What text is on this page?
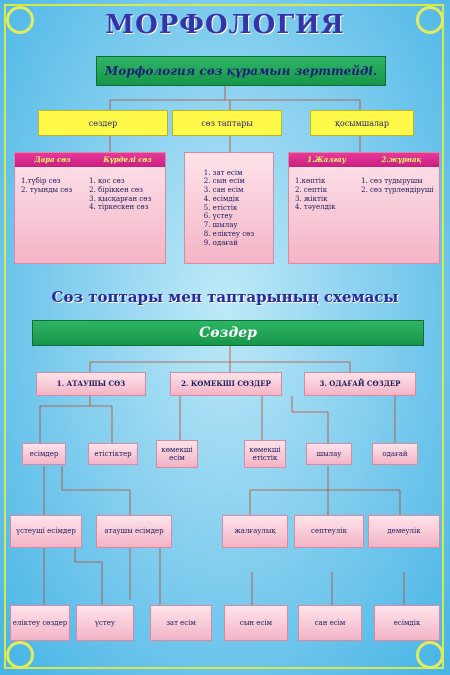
МОРФОЛОГИЯ
Морфология сөз құрамын зерттейді.
сөздер	сөз таптары	қосымшалар
Дара сөз	Күрделі сөз
1.түбір сөз
2. туынды сөз
1. қос сөз
2. біріккен сөз
3. қысқарған сөз
4. тіркескен сөз
1. зат есім
2. сын есім
3. сан есім
4. есімдік
5. етістік
6. үстеу
7. шылау
8. еліктеу сөз
9. одағай
1.Жалғау	2.жұрнақ
1.көптік
2. септік
3. жіктік
4. тәуелдік
1. сөз тудырушы
2. сөз түрлендіруші
Сөз топтары мен таптарының схемасы
Сөздер
1. АТАУШЫ СӨЗ	2. КӨМЕКШІ СӨЗДЕР	3. ОДАҒАЙ СӨЗДЕР
есімдер	етістіктер
көмекші есім
көмекші етістік
шылау	одағай
үстеуші есімдер	атаушы есімдер	жалғаулық	септеулік	демеулік
еліктеу сөздер	үстеу	зат есім	сын есім	сан есім	есімдік
